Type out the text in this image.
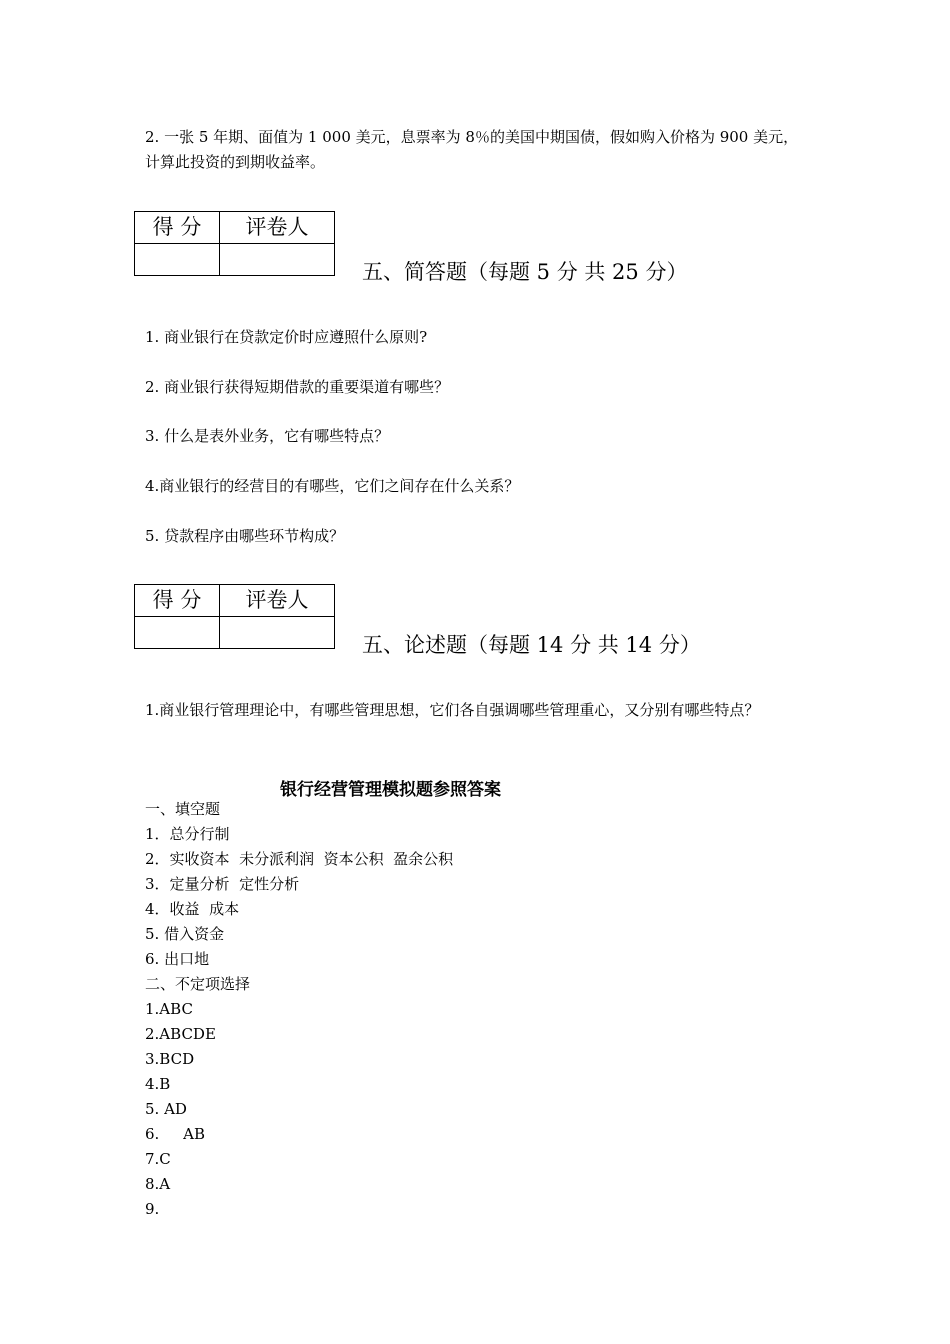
2. 一张 5 年期、面值为 1 000 美元，息票率为 8％的美国中期国债，假如购入价格为 900 美元，计算此投资的到期收益率。
得 分	评卷人

五、简答题（每题 5 分 共 25 分）
1. 商业银行在贷款定价时应遵照什么原则?
2. 商业银行获得短期借款的重要渠道有哪些？
3. 什么是表外业务，它有哪些特点？
4.商业银行的经营目的有哪些，它们之间存在什么关系？
5. 贷款程序由哪些环节构成？
得 分	评卷人

五、论述题（每题 14 分 共 14 分）
1.商业银行管理理论中，有哪些管理思想，它们各自强调哪些管理重心，又分别有哪些特点？
银行经营管理模拟题参照答案
一、填空题
1．总分行制
2．实收资本  未分派利润  资本公积  盈余公积
3．定量分析  定性分析
4．收益  成本
5. 借入资金
6. 出口地
二、不定项选择
1.ABC
2.ABCDE
3.BCD
4.B
5. AD
6.     AB
7.C
8.A
9.
